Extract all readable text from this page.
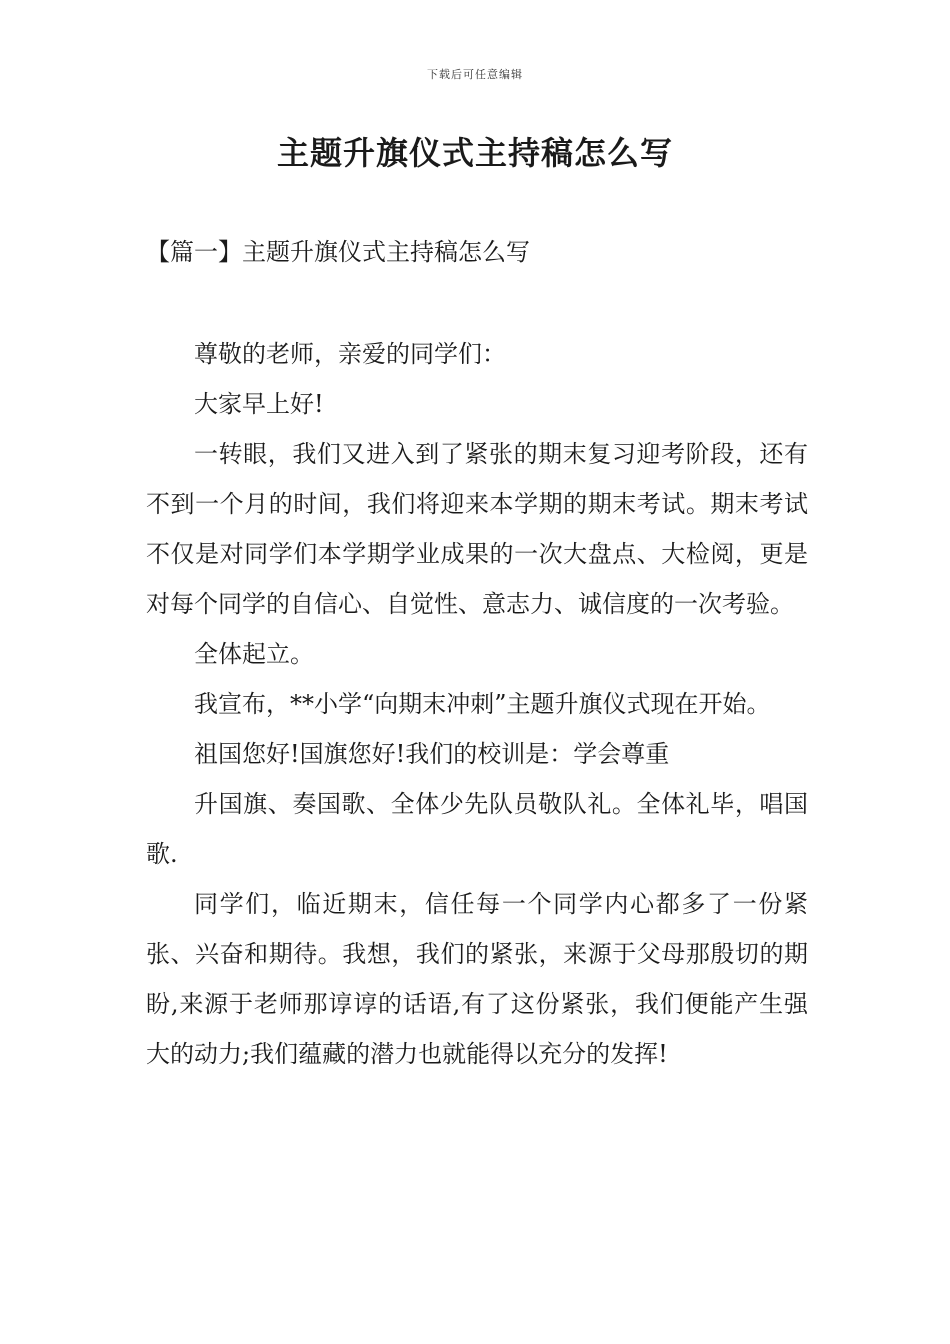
下载后可任意编辑
主题升旗仪式主持稿怎么写
【篇一】主题升旗仪式主持稿怎么写

尊敬的老师，亲爱的同学们：

大家早上好!

一转眼，我们又进入到了紧张的期末复习迎考阶段，还有不到一个月的时间，我们将迎来本学期的期末考试。期末考试不仅是对同学们本学期学业成果的一次大盘点、大检阅，更是对每个同学的自信心、自觉性、意志力、诚信度的一次考验。

全体起立。

我宣布，**小学“向期末冲刺”主题升旗仪式现在开始。

祖国您好!国旗您好!我们的校训是：学会尊重

升国旗、奏国歌、全体少先队员敬队礼。全体礼毕，唱国歌.

同学们，临近期末，信任每一个同学内心都多了一份紧张、兴奋和期待。我想，我们的紧张，来源于父母那殷切的期盼,来源于老师那谆谆的话语,有了这份紧张，我们便能产生强大的动力;我们蕴藏的潜力也就能得以充分的发挥!
